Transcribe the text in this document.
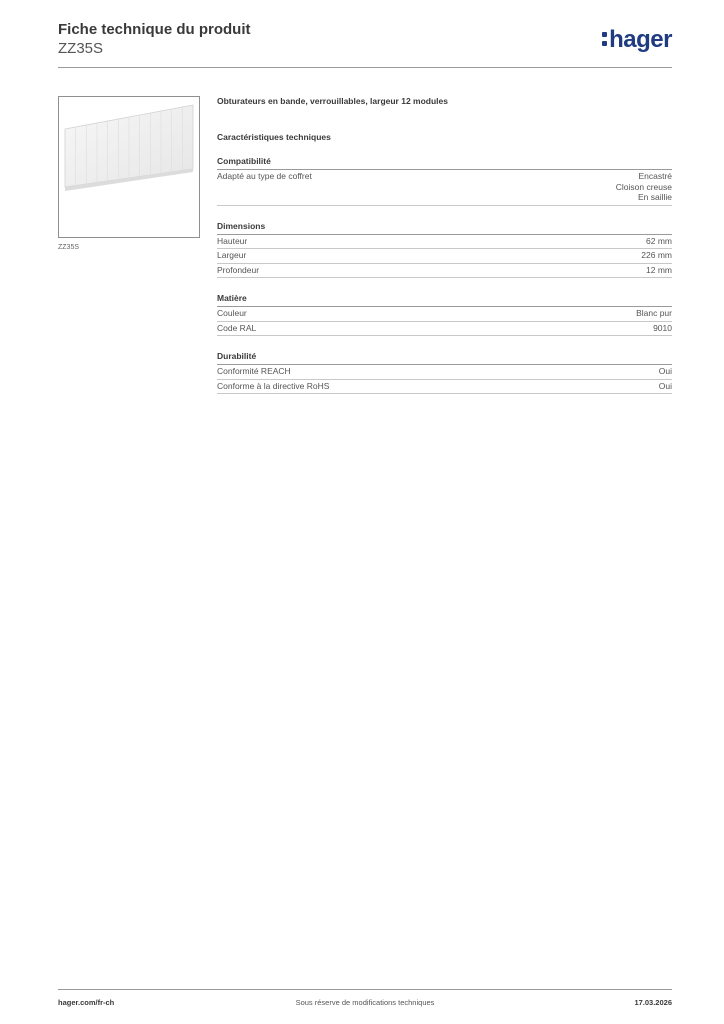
Fiche technique du produit
ZZ35S	hager
ZZ35S
Obturateurs en bande, verrouillables, largeur 12 modules
Caractéristiques techniques
Compatibilité
Adapté au type de coffret	Encastré
Cloison creuse
En saillie
Dimensions
Hauteur	62 mm
Largeur	226 mm
Profondeur	12 mm
Matière
Couleur	Blanc pur
Code RAL	9010
Durabilité
Conformité REACH	Oui
Conforme à la directive RoHS	Oui
hager.com/fr-ch	Sous réserve de modifications techniques	17.03.2026
